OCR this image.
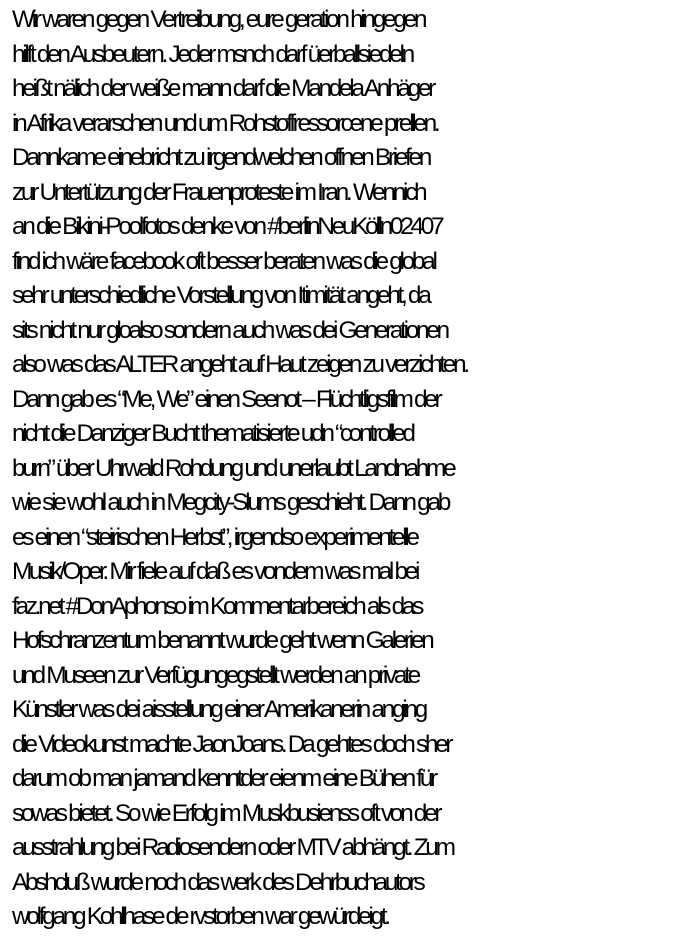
Wir waren gegen Vertreibung, eure geration hingegen
hilft den Ausbeutern. Jeder msnch darf üerballsiedeln
heißt nälich der weiße mann darf die Mandela Anhäger
in Afrika verarschen und um Rohstoffressorcene prellen.
Dannkame einebricht zu irgendwelchen offnen Briefen
zur Untertützung der Frauenproteste im Iran. Wennich
an die Bikini-Poolfotos denke von #berlinNeuKölln02407
find ich wäre facebook oft besser beraten was die global
sehr unterschiedliche Vorstellung von Itimität angeht, da
sits nicht nur gloalso sondern auch was dei Generationen
also was das ALTER angeht auf Haut zeigen zu verzichten.
Dann gab es “Me, We” einen Seenot – Flüchtligsfilm der
nicht die Danziger Bucht thematisierte udn “controlled
burn” über Uhrwald Rohdung und unerlaubt Landnahme
wie sie wohl auch in Megcity-Slums geschieht. Dann gab
es einen “steirischen Herbst”, irgendso experimentelle
Musik/Oper. Mir fiele auf daß es vondem was mal bei
faz.net #DonAphonso im Kommentarbereich als das
Hofschranzentum benannt wurde geht wenn Galerien
und Museen zur Verfügungegstellt werden an private
Künstler was dei aisstellung einer Amerikanerin anging
die Videokunst machte JaonJoans. Da gehtes doch sher
darum ob man jamand kenntder eienm eine Bühen für
sowas bietet. So wie Erfolg im Muskbusienss oft von der
ausstrahlung bei Radiosendern oder MTV abhängt. Zum
Abshcluß wurde noch das werk des Dehrbuchautors
wolfgang Kohlhase de rvstorben war gewürdeigt.
